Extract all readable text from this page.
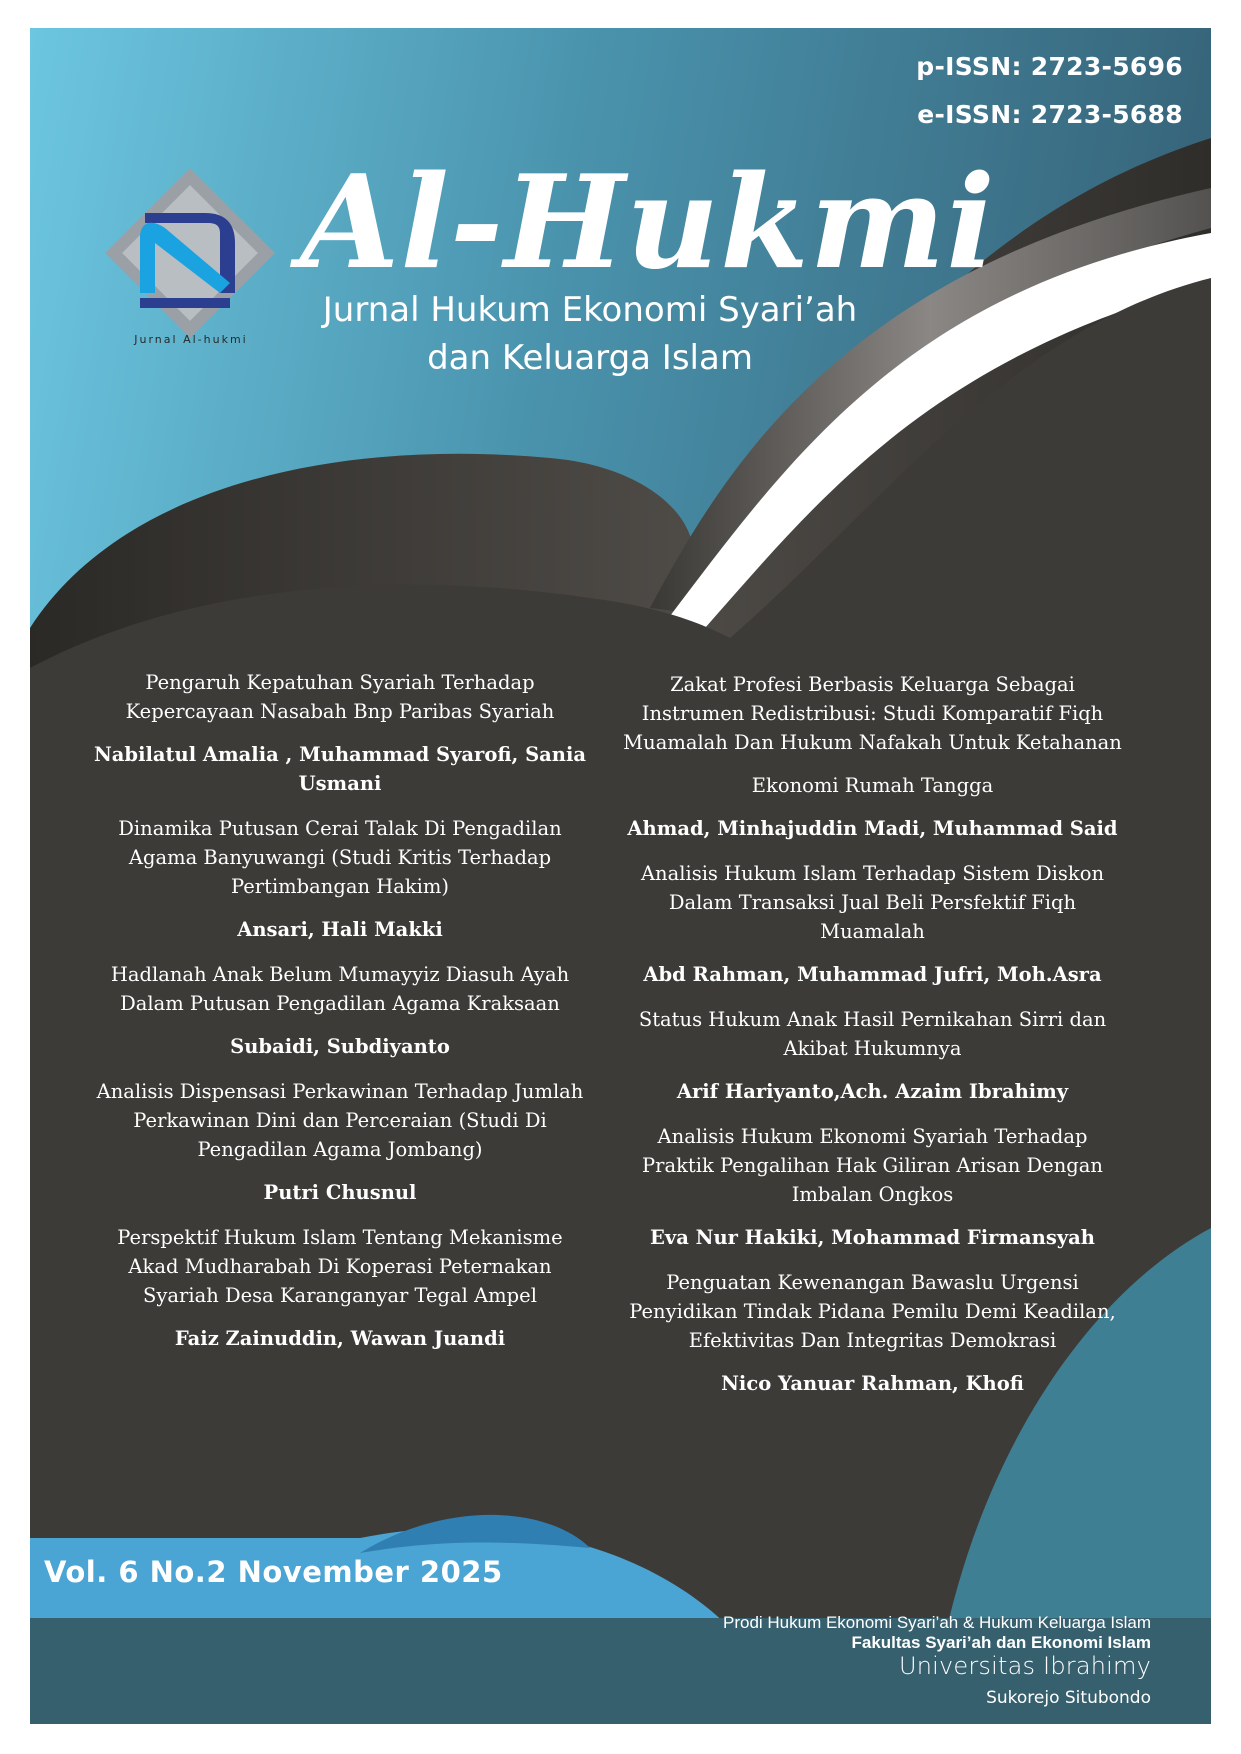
p-ISSN: 2723-5696
e-ISSN: 2723-5688
Al-Hukmi
Jurnal Hukum Ekonomi Syari’ah
dan Keluarga Islam
Jurnal Al-hukmi

Pengaruh Kepatuhan Syariah Terhadap Kepercayaan Nasabah Bnp Paribas Syariah

Nabilatul Amalia , Muhammad Syarofi, Sania Usmani

Dinamika Putusan Cerai Talak Di Pengadilan Agama Banyuwangi (Studi Kritis Terhadap Pertimbangan Hakim)

Ansari, Hali Makki

Hadlanah Anak Belum Mumayyiz Diasuh Ayah Dalam Putusan Pengadilan Agama Kraksaan

Subaidi, Subdiyanto

Analisis Dispensasi Perkawinan Terhadap Jumlah Perkawinan Dini dan Perceraian (Studi Di Pengadilan Agama Jombang)

Putri Chusnul

Perspektif Hukum Islam Tentang Mekanisme Akad Mudharabah Di Koperasi Peternakan Syariah Desa Karanganyar Tegal Ampel

Faiz Zainuddin, Wawan Juandi

Zakat Profesi Berbasis Keluarga Sebagai Instrumen Redistribusi: Studi Komparatif Fiqh Muamalah Dan Hukum Nafakah Untuk Ketahanan

Ekonomi Rumah Tangga

Ahmad, Minhajuddin Madi, Muhammad Said

Analisis Hukum Islam Terhadap Sistem Diskon Dalam Transaksi Jual Beli Persfektif Fiqh Muamalah

Abd Rahman, Muhammad Jufri, Moh.Asra

Status Hukum Anak Hasil Pernikahan Sirri dan Akibat Hukumnya

Arif Hariyanto,Ach. Azaim Ibrahimy

Analisis Hukum Ekonomi Syariah Terhadap Praktik Pengalihan Hak Giliran Arisan Dengan Imbalan Ongkos

Eva Nur Hakiki, Mohammad Firmansyah

Penguatan Kewenangan Bawaslu Urgensi Penyidikan Tindak Pidana Pemilu Demi Keadilan, Efektivitas Dan Integritas Demokrasi

Nico Yanuar Rahman, Khofi

Vol. 6 No.2 November 2025
Prodi Hukum Ekonomi Syari’ah & Hukum Keluarga Islam
Fakultas Syari’ah dan Ekonomi Islam
Universitas Ibrahimy
Sukorejo Situbondo
